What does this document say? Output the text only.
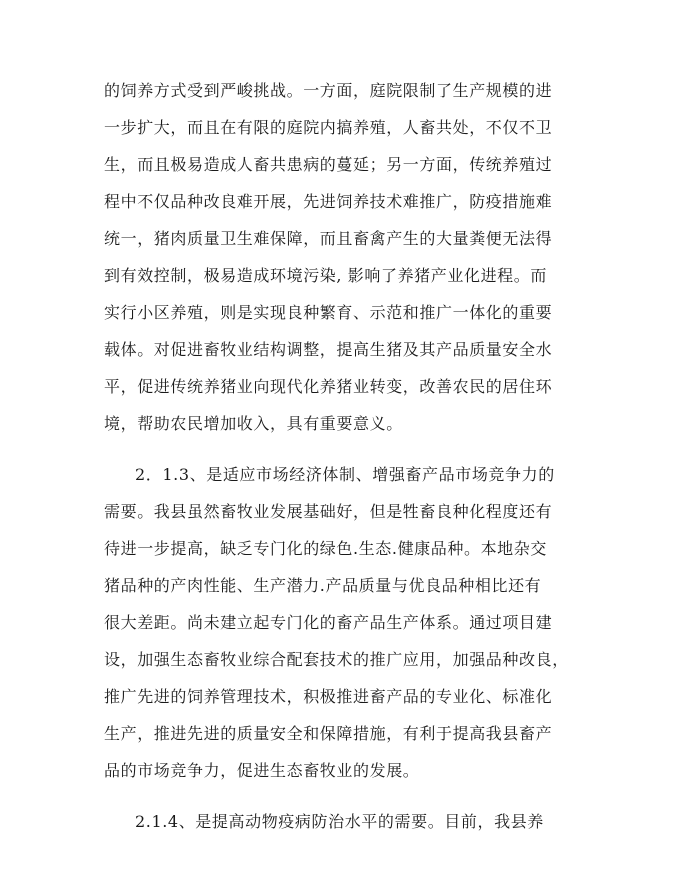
的饲养方式受到严峻挑战。一方面，庭院限制了生产规模的进
一步扩大，而且在有限的庭院内搞养殖，人畜共处，不仅不卫
生，而且极易造成人畜共患病的蔓延；另一方面，传统养殖过
程中不仅品种改良难开展，先进饲养技术难推广，防疫措施难
统一，猪肉质量卫生难保障，而且畜禽产生的大量粪便无法得
到有效控制，极易造成环境污染, 影响了养猪产业化进程。而
实行小区养殖，则是实现良种繁育、示范和推广一体化的重要
载体。对促进畜牧业结构调整，提高生猪及其产品质量安全水
平，促进传统养猪业向现代化养猪业转变，改善农民的居住环
境，帮助农民增加收入，具有重要意义。
2．1.3、是适应市场经济体制、增强畜产品市场竞争力的
需要。我县虽然畜牧业发展基础好，但是牲畜良种化程度还有
待进一步提高，缺乏专门化的绿色.生态.健康品种。本地杂交
猪品种的产肉性能、生产潜力.产品质量与优良品种相比还有
很大差距。尚未建立起专门化的畜产品生产体系。通过项目建
设，加强生态畜牧业综合配套技术的推广应用，加强品种改良，
推广先进的饲养管理技术，积极推进畜产品的专业化、标准化
生产，推进先进的质量安全和保障措施，有利于提高我县畜产
品的市场竞争力，促进生态畜牧业的发展。
2.1.4、是提高动物疫病防治水平的需要。目前，我县养
